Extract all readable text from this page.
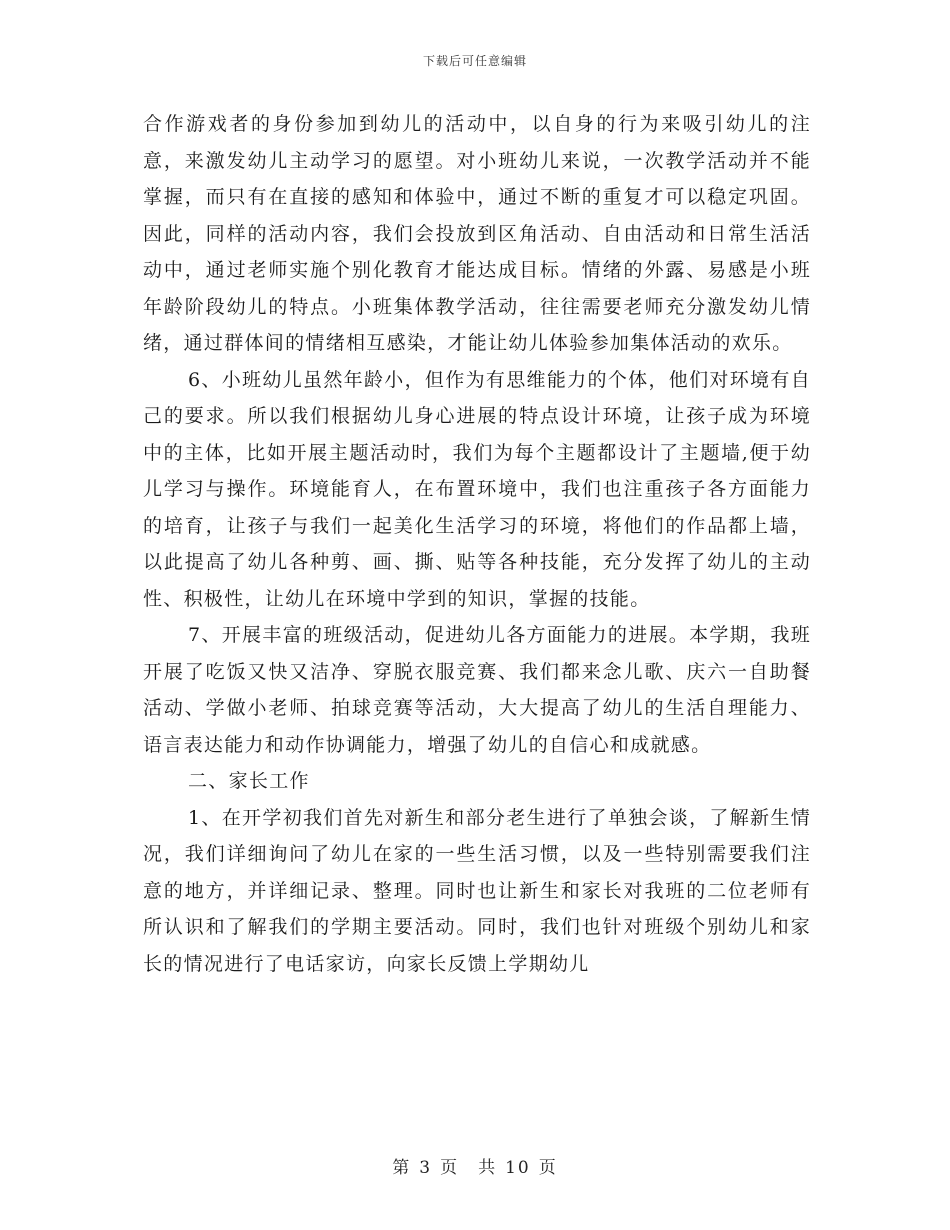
下载后可任意编辑

合作游戏者的身份参加到幼儿的活动中，以自身的行为来吸引幼儿的注意，来激发幼儿主动学习的愿望。对小班幼儿来说，一次教学活动并不能掌握，而只有在直接的感知和体验中，通过不断的重复才可以稳定巩固。因此，同样的活动内容，我们会投放到区角活动、自由活动和日常生活活动中，通过老师实施个别化教育才能达成目标。情绪的外露、易感是小班年龄阶段幼儿的特点。小班集体教学活动，往往需要老师充分激发幼儿情绪，通过群体间的情绪相互感染，才能让幼儿体验参加集体活动的欢乐。

6、小班幼儿虽然年龄小，但作为有思维能力的个体，他们对环境有自己的要求。所以我们根据幼儿身心进展的特点设计环境，让孩子成为环境中的主体，比如开展主题活动时，我们为每个主题都设计了主题墙,便于幼儿学习与操作。环境能育人，在布置环境中，我们也注重孩子各方面能力的培育，让孩子与我们一起美化生活学习的环境，将他们的作品都上墙，以此提高了幼儿各种剪、画、撕、贴等各种技能，充分发挥了幼儿的主动性、积极性，让幼儿在环境中学到的知识，掌握的技能。

7、开展丰富的班级活动，促进幼儿各方面能力的进展。本学期，我班开展了吃饭又快又洁净、穿脱衣服竞赛、我们都来念儿歌、庆六一自助餐活动、学做小老师、拍球竞赛等活动，大大提高了幼儿的生活自理能力、语言表达能力和动作协调能力，增强了幼儿的自信心和成就感。

二、家长工作

1、在开学初我们首先对新生和部分老生进行了单独会谈，了解新生情况，我们详细询问了幼儿在家的一些生活习惯，以及一些特别需要我们注意的地方，并详细记录、整理。同时也让新生和家长对我班的二位老师有所认识和了解我们的学期主要活动。同时，我们也针对班级个别幼儿和家长的情况进行了电话家访，向家长反馈上学期幼儿

第 3 页　共 10 页
